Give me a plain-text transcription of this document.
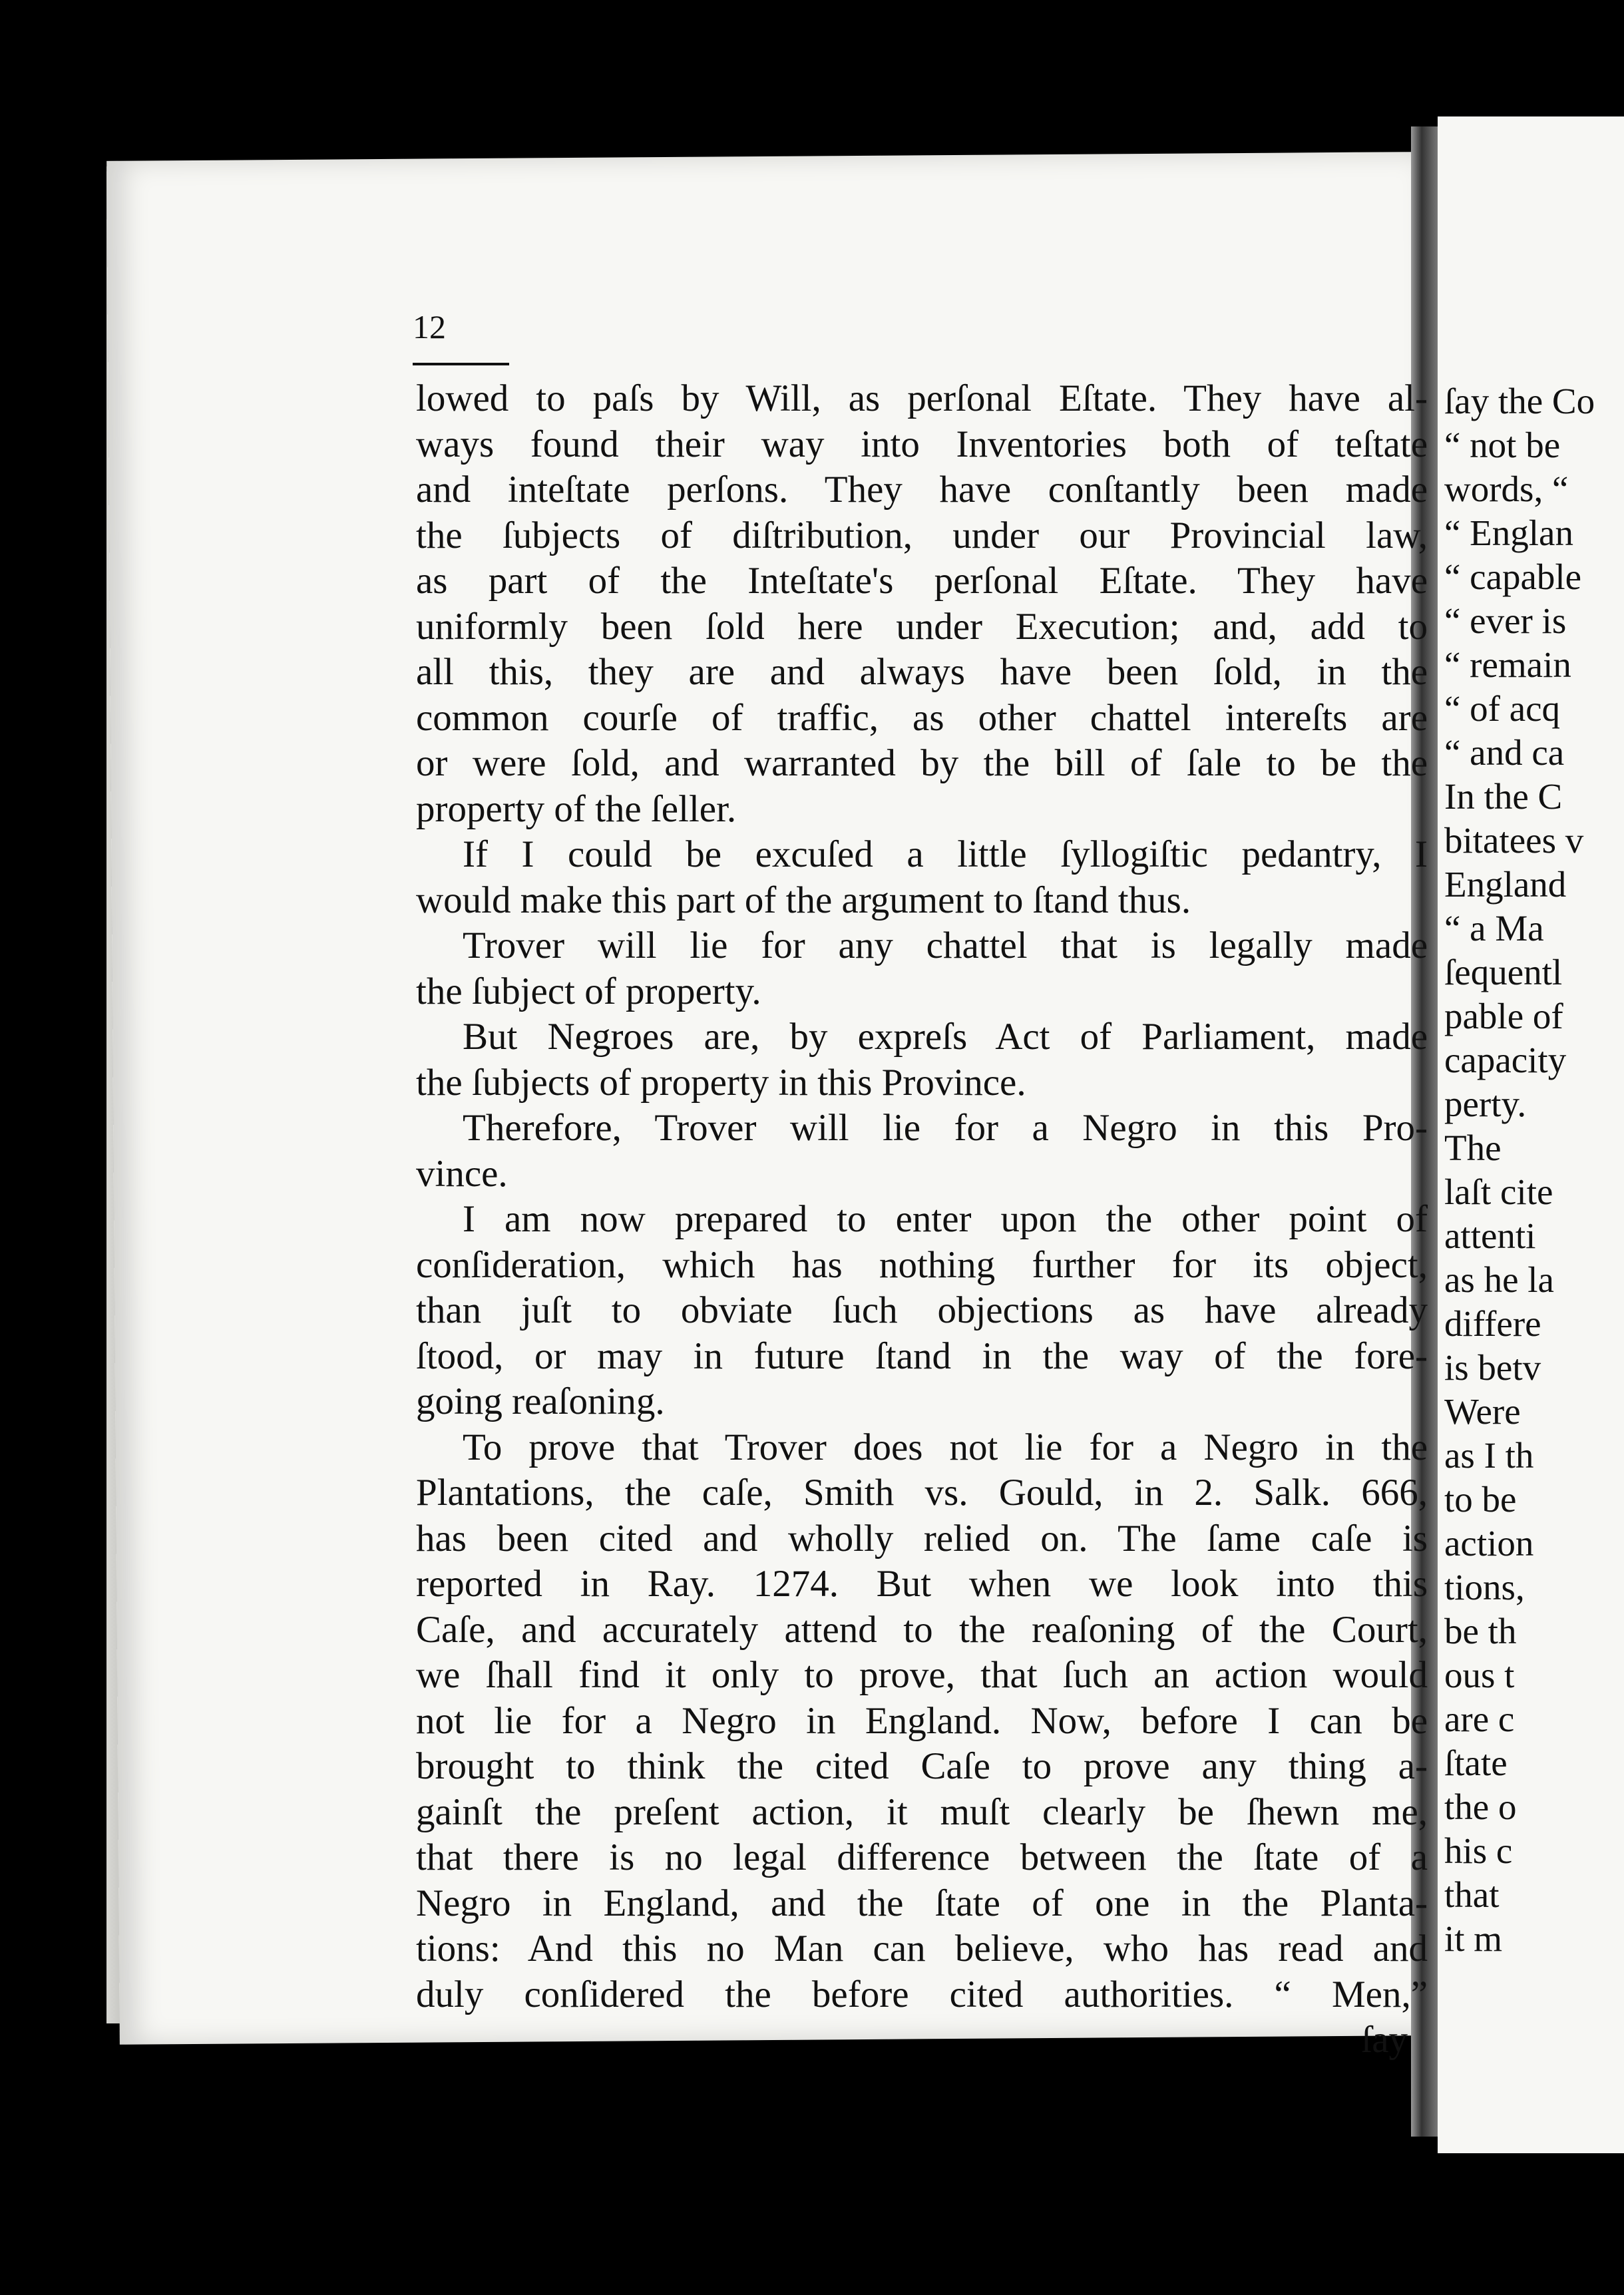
12
lowed to paſs by Will, as perſonal Eſtate. They have al-
ways found their way into Inventories both of teſtate
and inteſtate perſons. They have conſtantly been made
the ſubjects of diſtribution, under our Provincial law,
as part of the Inteſtate's perſonal Eſtate. They have
uniformly been ſold here under Execution; and, add to
all this, they are and always have been ſold, in the
common courſe of traffic, as other chattel intereſts are
or were ſold, and warranted by the bill of ſale to be the
property of the ſeller.
If I could be excuſed a little ſyllogiſtic pedantry, I
would make this part of the argument to ſtand thus.
Trover will lie for any chattel that is legally made
the ſubject of property.
But Negroes are, by expreſs Act of Parliament, made
the ſubjects of property in this Province.
Therefore, Trover will lie for a Negro in this Pro-
vince.
I am now prepared to enter upon the other point of
conſideration, which has nothing further for its object,
than juſt to obviate ſuch objections as have already
ſtood, or may in future ſtand in the way of the fore-
going reaſoning.
To prove that Trover does not lie for a Negro in the
Plantations, the caſe, Smith vs. Gould, in 2. Salk. 666,
has been cited and wholly relied on. The ſame caſe is
reported in Ray. 1274. But when we look into this
Caſe, and accurately attend to the reaſoning of the Court,
we ſhall find it only to prove, that ſuch an action would
not lie for a Negro in England. Now, before I can be
brought to think the cited Caſe to prove any thing a-
gainſt the preſent action, it muſt clearly be ſhewn me,
that there is no legal difference between the ſtate of a
Negro in England, and the ſtate of one in the Planta-
tions: And this no Man can believe, who has read and
duly conſidered the before cited authorities. “ Men,”
ſay
ſay the Co
“ not be
words, “
“ Englan
“ capable
“ ever is
“ remain
“ of acq
“ and ca
In the C
bitatees v
England
“ a Ma
ſequentl
pable of
capacity
perty.
The
laſt cite
attenti
as he la
differe
is betv
Were
as I th
to be
action
tions,
be th
ous t
are c
ſtate
the o
his c
that
it m
